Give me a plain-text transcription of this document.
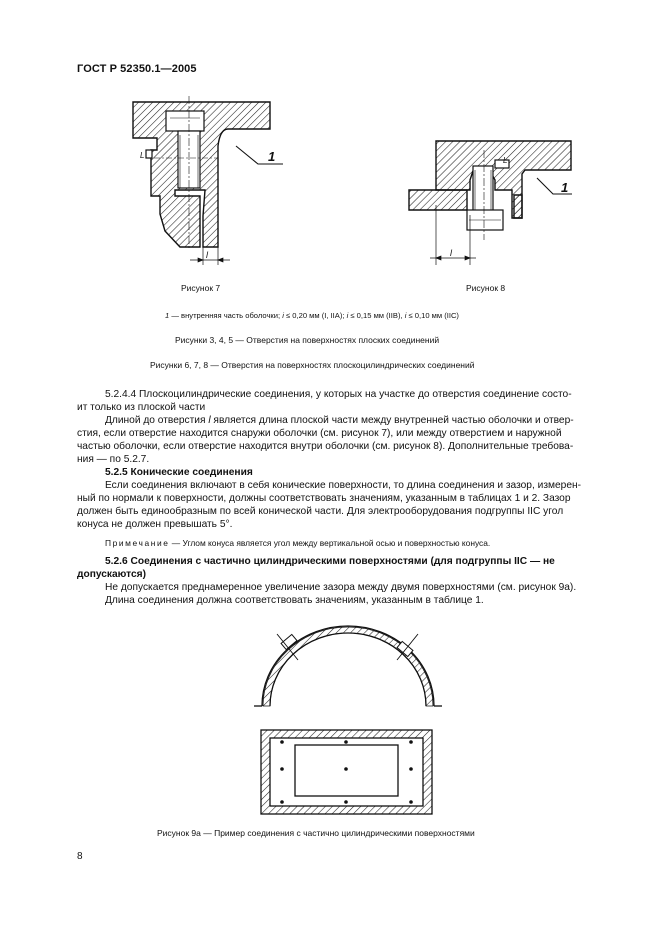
ГОСТ Р 52350.1—2005
L	1
l
Рисунок 7
L
1
l
Рисунок 8
1 — внутренняя часть оболочки; i ≤ 0,20 мм (I, IIA); i ≤ 0,15 мм (IIB), i ≤ 0,10 мм (IIC)
Рисунки 3, 4, 5 — Отверстия на поверхностях плоских соединений
Рисунки 6, 7, 8 — Отверстия на поверхностях плоскоцилиндрических соединений
5.2.4.4 Плоскоцилиндрические соединения, у которых на участке до отверстия соединение состо-
ит только из плоской части
Длиной до отверстия l является длина плоской части между внутренней частью оболочки и отвер-
стия, если отверстие находится снаружи оболочки (см. рисунок 7), или между отверстием и наружной
частью оболочки, если отверстие находится внутри оболочки (см. рисунок 8). Дополнительные требова-
ния — по 5.2.7.
5.2.5 Конические соединения
Если соединения включают в себя конические поверхности, то длина соединения и зазор, измерен-
ный по нормали к поверхности, должны соответствовать значениям, указанным в таблицах 1 и 2. Зазор
должен быть единообразным по всей конической части. Для электрооборудования подгруппы IIC угол
конуса не должен превышать 5°.
Примечание — Углом конуса является угол между вертикальной осью и поверхностью конуса.
5.2.6 Соединения с частично цилиндрическими поверхностями (для подгруппы IIC — не
допускаются)
Не допускается преднамеренное увеличение зазора между двумя поверхностями (см. рисунок 9а).
Длина соединения должна соответствовать значениям, указанным в таблице 1.
Рисунок 9а — Пример соединения с частично цилиндрическими поверхностями
8
